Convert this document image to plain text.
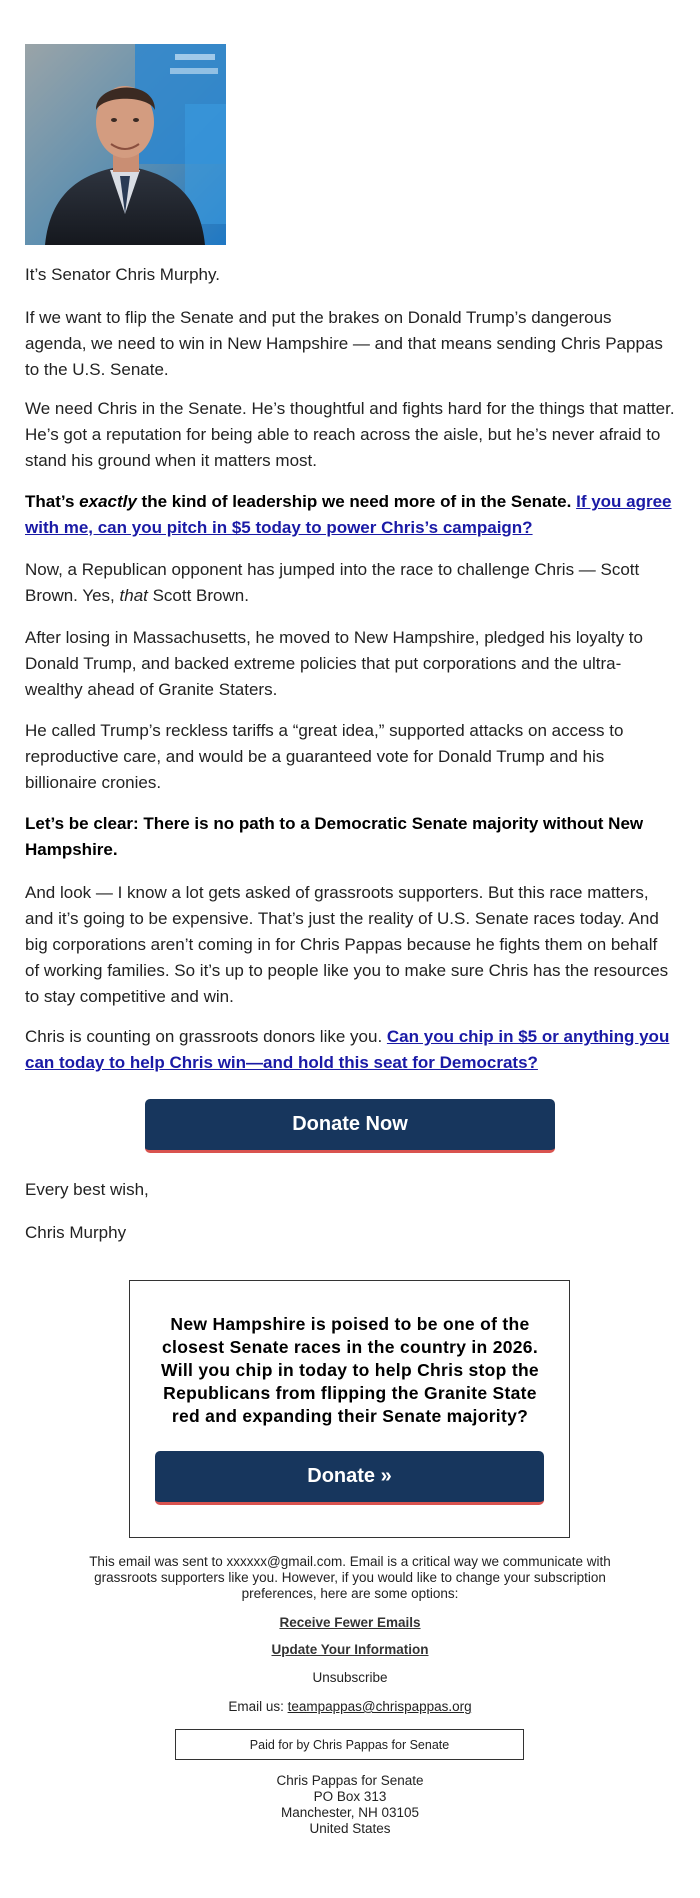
It’s Senator Chris Murphy.

If we want to flip the Senate and put the brakes on Donald Trump’s dangerous agenda, we need to win in New Hampshire — and that means sending Chris Pappas to the U.S. Senate.

We need Chris in the Senate. He’s thoughtful and fights hard for the things that matter. He’s got a reputation for being able to reach across the aisle, but he’s never afraid to stand his ground when it matters most.

That’s exactly the kind of leadership we need more of in the Senate. If you agree with me, can you pitch in $5 today to power Chris’s campaign?

Now, a Republican opponent has jumped into the race to challenge Chris — Scott Brown. Yes, that Scott Brown.

After losing in Massachusetts, he moved to New Hampshire, pledged his loyalty to Donald Trump, and backed extreme policies that put corporations and the ultra-wealthy ahead of Granite Staters.

He called Trump’s reckless tariffs a “great idea,” supported attacks on access to reproductive care, and would be a guaranteed vote for Donald Trump and his billionaire cronies.

Let’s be clear: There is no path to a Democratic Senate majority without New Hampshire.

And look — I know a lot gets asked of grassroots supporters. But this race matters, and it’s going to be expensive. That’s just the reality of U.S. Senate races today. And big corporations aren’t coming in for Chris Pappas because he fights them on behalf of working families. So it’s up to people like you to make sure Chris has the resources to stay competitive and win.

Chris is counting on grassroots donors like you. Can you chip in $5 or anything you can today to help Chris win—and hold this seat for Democrats?

Donate Now

Every best wish,

Chris Murphy

New Hampshire is poised to be one of the closest Senate races in the country in 2026. Will you chip in today to help Chris stop the Republicans from flipping the Granite State red and expanding their Senate majority?

Donate »

This email was sent to xxxxxx@gmail.com. Email is a critical way we communicate with grassroots supporters like you. However, if you would like to change your subscription preferences, here are some options:

Receive Fewer Emails

Update Your Information

Unsubscribe

Email us: teampappas@chrispappas.org

Paid for by Chris Pappas for Senate

Chris Pappas for Senate

PO Box 313

Manchester, NH 03105

United States
